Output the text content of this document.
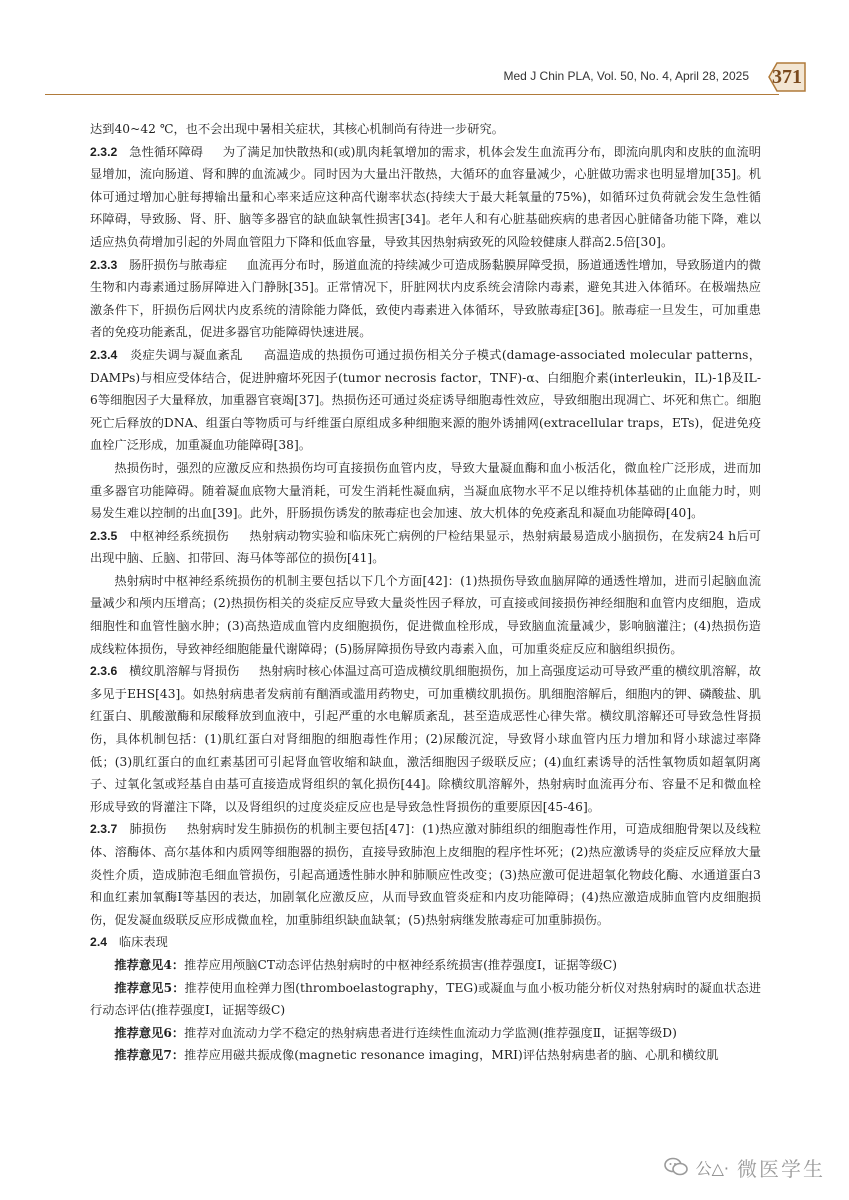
Med J Chin PLA, Vol. 50, No. 4, April 28, 2025 371

达到40~42 ℃，也不会出现中暑相关症状，其核心机制尚有待进一步研究。

2.3.2 急性循环障碍 为了满足加快散热和(或)肌肉耗氧增加的需求，机体会发生血流再分布，即流向肌肉和皮肤的血流明显增加，流向肠道、肾和脾的血流减少。同时因为大量出汗散热，大循环的血容量减少，心脏做功需求也明显增加[35]。机体可通过增加心脏每搏输出量和心率来适应这种高代谢率状态(持续大于最大耗氧量的75%)，如循环过负荷就会发生急性循环障碍，导致肠、肾、肝、脑等多器官的缺血缺氧性损害[34]。老年人和有心脏基础疾病的患者因心脏储备功能下降，难以适应热负荷增加引起的外周血管阻力下降和低血容量，导致其因热射病致死的风险较健康人群高2.5倍[30]。

2.3.3 肠肝损伤与脓毒症 血流再分布时，肠道血流的持续减少可造成肠黏膜屏障受损，肠道通透性增加，导致肠道内的微生物和内毒素通过肠屏障进入门静脉[35]。正常情况下，肝脏网状内皮系统会清除内毒素，避免其进入体循环。在极端热应激条件下，肝损伤后网状内皮系统的清除能力降低，致使内毒素进入体循环，导致脓毒症[36]。脓毒症一旦发生，可加重患者的免疫功能紊乱，促进多器官功能障碍快速进展。

2.3.4 炎症失调与凝血紊乱 高温造成的热损伤可通过损伤相关分子模式(damage-associated molecular patterns，DAMPs)与相应受体结合，促进肿瘤坏死因子(tumor necrosis factor，TNF)-α、白细胞介素(interleukin，IL)-1β及IL-6等细胞因子大量释放，加重器官衰竭[37]。热损伤还可通过炎症诱导细胞毒性效应，导致细胞出现凋亡、坏死和焦亡。细胞死亡后释放的DNA、组蛋白等物质可与纤维蛋白原组成多种细胞来源的胞外诱捕网(extracellular traps，ETs)，促进免疫血栓广泛形成，加重凝血功能障碍[38]。

热损伤时，强烈的应激反应和热损伤均可直接损伤血管内皮，导致大量凝血酶和血小板活化，微血栓广泛形成，进而加重多器官功能障碍。随着凝血底物大量消耗，可发生消耗性凝血病，当凝血底物水平不足以维持机体基础的止血能力时，则易发生难以控制的出血[39]。此外，肝肠损伤诱发的脓毒症也会加速、放大机体的免疫紊乱和凝血功能障碍[40]。

2.3.5 中枢神经系统损伤 热射病动物实验和临床死亡病例的尸检结果显示，热射病最易造成小脑损伤，在发病24 h后可出现中脑、丘脑、扣带回、海马体等部位的损伤[41]。

热射病时中枢神经系统损伤的机制主要包括以下几个方面[42]：(1)热损伤导致血脑屏障的通透性增加，进而引起脑血流量减少和颅内压增高；(2)热损伤相关的炎症反应导致大量炎性因子释放，可直接或间接损伤神经细胞和血管内皮细胞，造成细胞性和血管性脑水肿；(3)高热造成血管内皮细胞损伤，促进微血栓形成，导致脑血流量减少，影响脑灌注；(4)热损伤造成线粒体损伤，导致神经细胞能量代谢障碍；(5)肠屏障损伤导致内毒素入血，可加重炎症反应和脑组织损伤。

2.3.6 横纹肌溶解与肾损伤 热射病时核心体温过高可造成横纹肌细胞损伤，加上高强度运动可导致严重的横纹肌溶解，故多见于EHS[43]。如热射病患者发病前有酗酒或滥用药物史，可加重横纹肌损伤。肌细胞溶解后，细胞内的钾、磷酸盐、肌红蛋白、肌酸激酶和尿酸释放到血液中，引起严重的水电解质紊乱，甚至造成恶性心律失常。横纹肌溶解还可导致急性肾损伤，具体机制包括：(1)肌红蛋白对肾细胞的细胞毒性作用；(2)尿酸沉淀，导致肾小球血管内压力增加和肾小球滤过率降低；(3)肌红蛋白的血红素基团可引起肾血管收缩和缺血，激活细胞因子级联反应；(4)血红素诱导的活性氧物质如超氧阴离子、过氧化氢或羟基自由基可直接造成肾组织的氧化损伤[44]。除横纹肌溶解外，热射病时血流再分布、容量不足和微血栓形成导致的肾灌注下降，以及肾组织的过度炎症反应也是导致急性肾损伤的重要原因[45-46]。

2.3.7 肺损伤 热射病时发生肺损伤的机制主要包括[47]：(1)热应激对肺组织的细胞毒性作用，可造成细胞骨架以及线粒体、溶酶体、高尔基体和内质网等细胞器的损伤，直接导致肺泡上皮细胞的程序性坏死；(2)热应激诱导的炎症反应释放大量炎性介质，造成肺泡毛细血管损伤，引起高通透性肺水肿和肺顺应性改变；(3)热应激可促进超氧化物歧化酶、水通道蛋白3和血红素加氧酶Ⅰ等基因的表达，加剧氧化应激反应，从而导致血管炎症和内皮功能障碍；(4)热应激造成肺血管内皮细胞损伤，促发凝血级联反应形成微血栓，加重肺组织缺血缺氧；(5)热射病继发脓毒症可加重肺损伤。

2.4 临床表现

推荐意见4：推荐应用颅脑CT动态评估热射病时的中枢神经系统损害(推荐强度Ⅰ，证据等级C)

推荐意见5：推荐使用血栓弹力图(thromboelastography，TEG)或凝血与血小板功能分析仪对热射病时的凝血状态进行动态评估(推荐强度Ⅰ，证据等级C)

推荐意见6：推荐对血流动力学不稳定的热射病患者进行连续性血流动力学监测(推荐强度Ⅱ，证据等级D)

推荐意见7：推荐应用磁共振成像(magnetic resonance imaging，MRI)评估热射病患者的脑、心肌和横纹肌

公△· 微医学生
